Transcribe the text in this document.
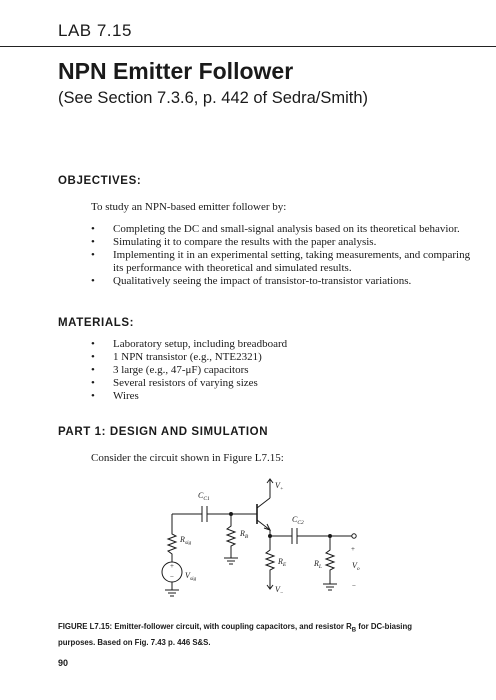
LAB 7.15
NPN Emitter Follower
(See Section 7.3.6, p. 442 of Sedra/Smith)
OBJECTIVES:
To study an NPN-based emitter follower by:
• Completing the DC and small-signal analysis based on its theoretical behavior.
• Simulating it to compare the results with the paper analysis.
• Implementing it in an experimental setting, taking measurements, and comparing its performance with theoretical and simulated results.
• Qualitatively seeing the impact of transistor-to-transistor variations.
MATERIALS:
• Laboratory setup, including breadboard
• 1 NPN transistor (e.g., NTE2321)
• 3 large (e.g., 47-μF) capacitors
• Several resistors of varying sizes
• Wires
PART 1: DESIGN AND SIMULATION
Consider the circuit shown in Figure L7.15:
+
− $V_{sig}$
$R_{sig}$
$C_{C1}$
$R_B$
$V_+$
$R_E$
$V_-$
$C_{C2}$
$R_L$
+
$V_o$
−
FIGURE L7.15: Emitter-follower circuit, with coupling capacitors, and resistor $R_B$ for DC-biasing purposes. Based on Fig. 7.43 p. 446 S&S.
90
